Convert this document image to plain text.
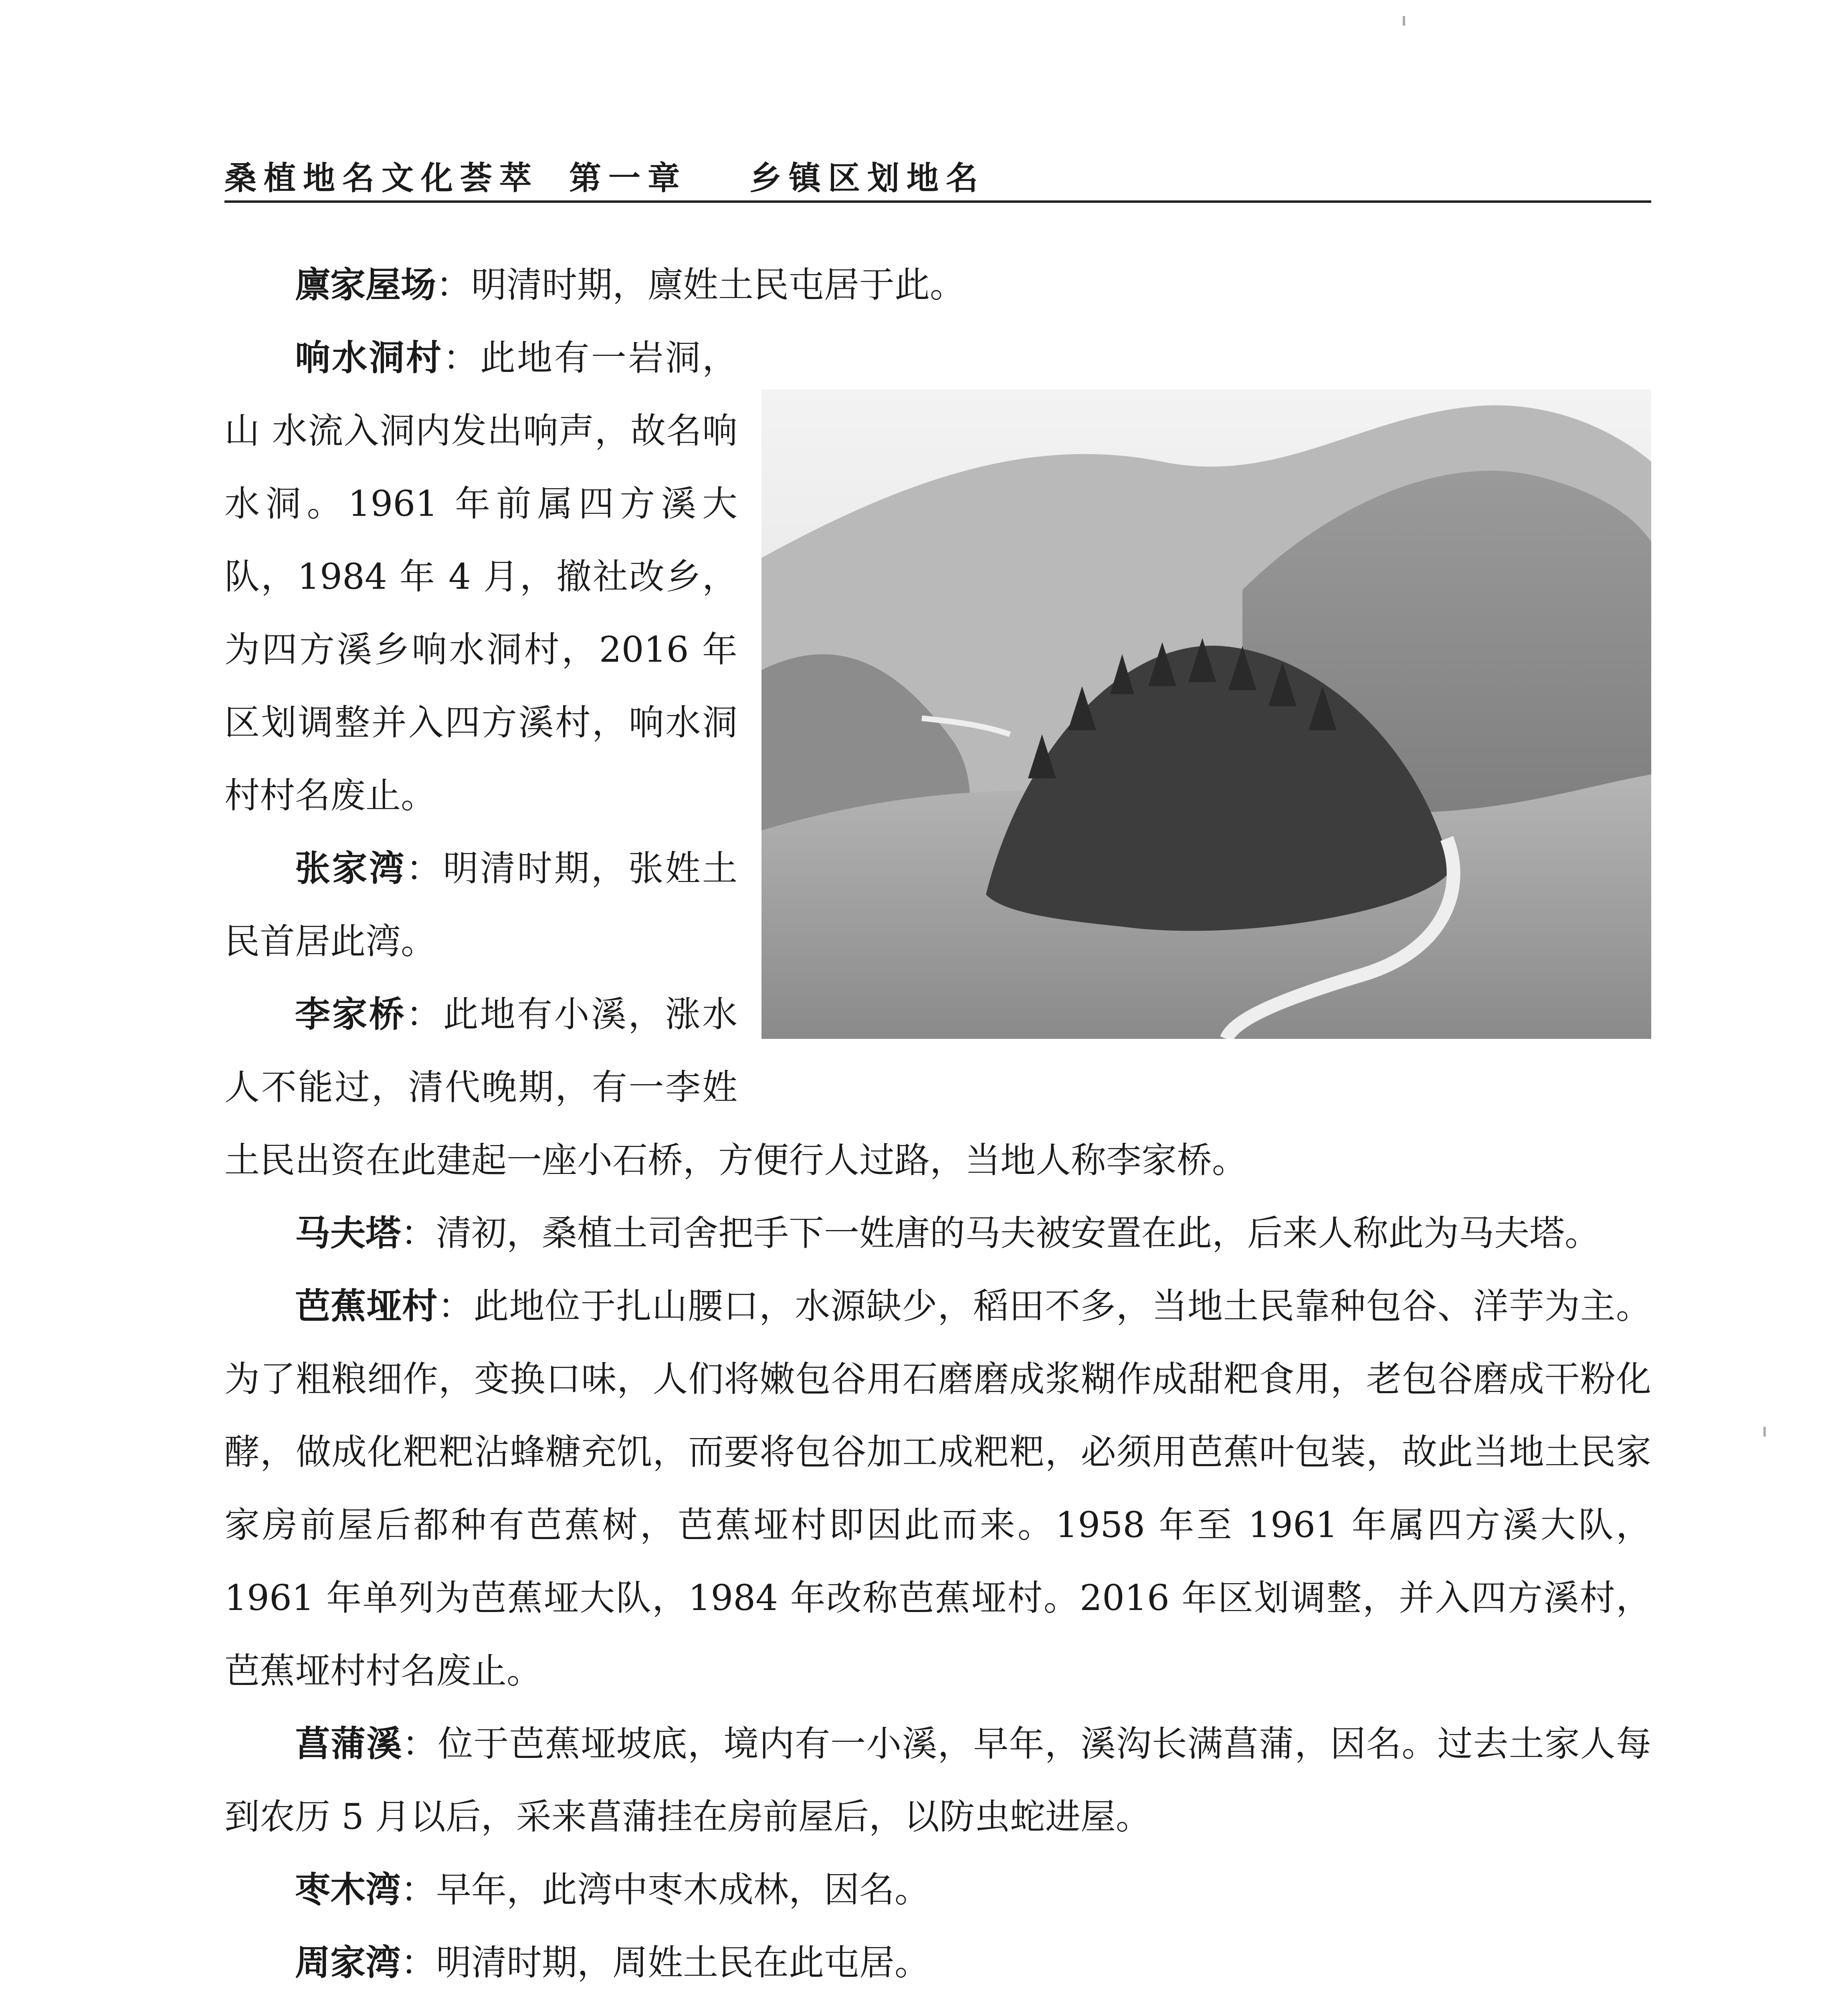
桑植地名文化荟萃 第一章 乡镇区划地名

廪家屋场：明清时期，廪姓土民屯居于此。

响水洞村：此地有一岩洞，山 水流入洞内发出响声，故名响水洞。1961 年前属四方溪大队，1984 年 4 月，撤社改乡，为四方溪乡响水洞村，2016 年区划调整并入四方溪村，响水洞村村名废止。

张家湾：明清时期，张姓土民首居此湾。

李家桥：此地有小溪，涨水人不能过，清代晚期，有一李姓土民出资在此建起一座小石桥，方便行人过路，当地人称李家桥。

马夫塔：清初，桑植土司舍把手下一姓唐的马夫被安置在此，后来人称此为马夫塔。

芭蕉垭村：此地位于扎山腰口，水源缺少，稻田不多，当地土民靠种包谷、洋芋为主。为了粗粮细作，变换口味，人们将嫩包谷用石磨磨成浆糊作成甜粑食用，老包谷磨成干粉化酵，做成化粑粑沾蜂糖充饥，而要将包谷加工成粑粑，必须用芭蕉叶包装，故此当地土民家家房前屋后都种有芭蕉树，芭蕉垭村即因此而来。1958 年至 1961 年属四方溪大队，1961 年单列为芭蕉垭大队，1984 年改称芭蕉垭村。2016 年区划调整，并入四方溪村，芭蕉垭村村名废止。

菖蒲溪：位于芭蕉垭坡底，境内有一小溪，早年，溪沟长满菖蒲，因名。过去土家人每到农历 5 月以后，采来菖蒲挂在房前屋后，以防虫蛇进屋。

枣木湾：早年，此湾中枣木成林，因名。

周家湾：明清时期，周姓土民在此屯居。
